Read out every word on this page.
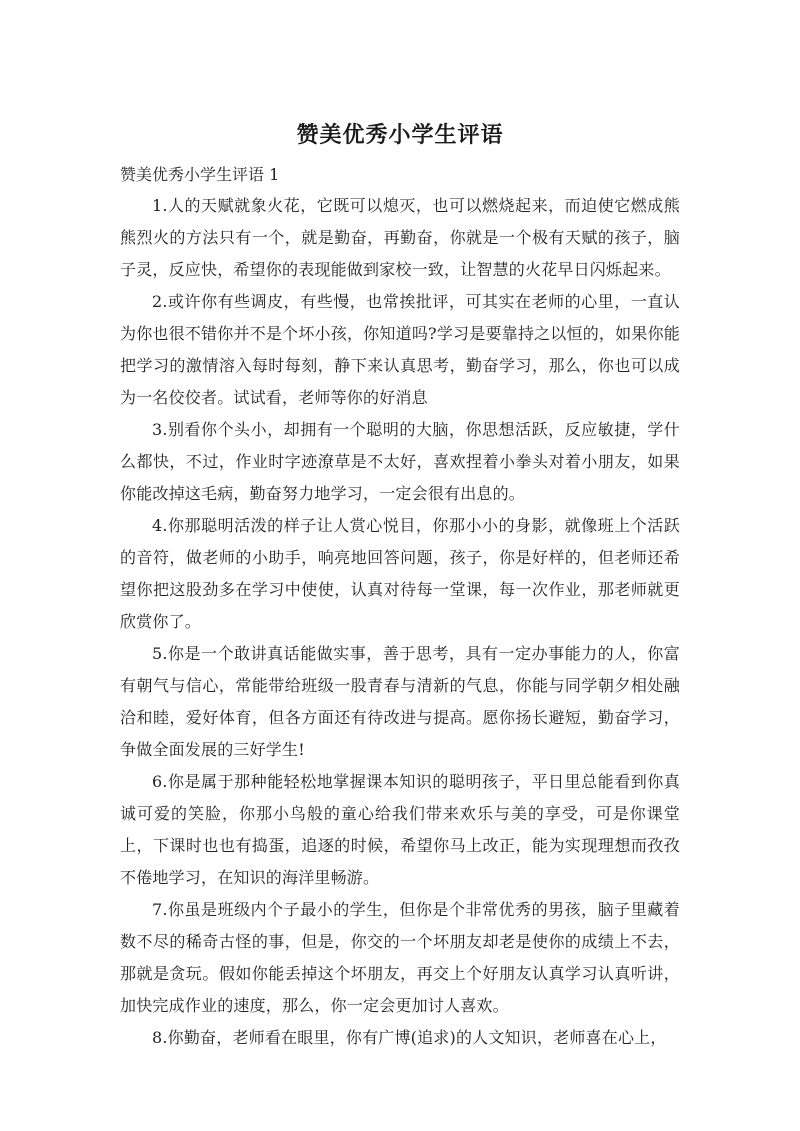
赞美优秀小学生评语

赞美优秀小学生评语 1

1.人的天赋就象火花，它既可以熄灭，也可以燃烧起来，而迫使它燃成熊熊烈火的方法只有一个，就是勤奋，再勤奋，你就是一个极有天赋的孩子，脑子灵，反应快，希望你的表现能做到家校一致，让智慧的火花早日闪烁起来。

2.或许你有些调皮，有些慢，也常挨批评，可其实在老师的心里，一直认为你也很不错你并不是个坏小孩，你知道吗?学习是要靠持之以恒的，如果你能把学习的激情溶入每时每刻，静下来认真思考，勤奋学习，那么，你也可以成为一名佼佼者。试试看，老师等你的好消息

3.别看你个头小，却拥有一个聪明的大脑，你思想活跃，反应敏捷，学什么都快，不过，作业时字迹潦草是不太好，喜欢捏着小拳头对着小朋友，如果你能改掉这毛病，勤奋努力地学习，一定会很有出息的。

4.你那聪明活泼的样子让人赏心悦目，你那小小的身影，就像班上个活跃的音符，做老师的小助手，响亮地回答问题，孩子，你是好样的，但老师还希望你把这股劲多在学习中使使，认真对待每一堂课，每一次作业，那老师就更欣赏你了。

5.你是一个敢讲真话能做实事，善于思考，具有一定办事能力的人，你富有朝气与信心，常能带给班级一股青春与清新的气息，你能与同学朝夕相处融洽和睦，爱好体育，但各方面还有待改进与提高。愿你扬长避短，勤奋学习，争做全面发展的三好学生!

6.你是属于那种能轻松地掌握课本知识的聪明孩子，平日里总能看到你真诚可爱的笑脸，你那小鸟般的童心给我们带来欢乐与美的享受，可是你课堂上，下课时也也有捣蛋，追逐的时候，希望你马上改正，能为实现理想而孜孜不倦地学习，在知识的海洋里畅游。

7.你虽是班级内个子最小的学生，但你是个非常优秀的男孩，脑子里藏着数不尽的稀奇古怪的事，但是，你交的一个坏朋友却老是使你的成绩上不去，那就是贪玩。假如你能丢掉这个坏朋友，再交上个好朋友认真学习认真听讲，加快完成作业的速度，那么，你一定会更加讨人喜欢。

8.你勤奋，老师看在眼里，你有广博(追求)的人文知识，老师喜在心上，
